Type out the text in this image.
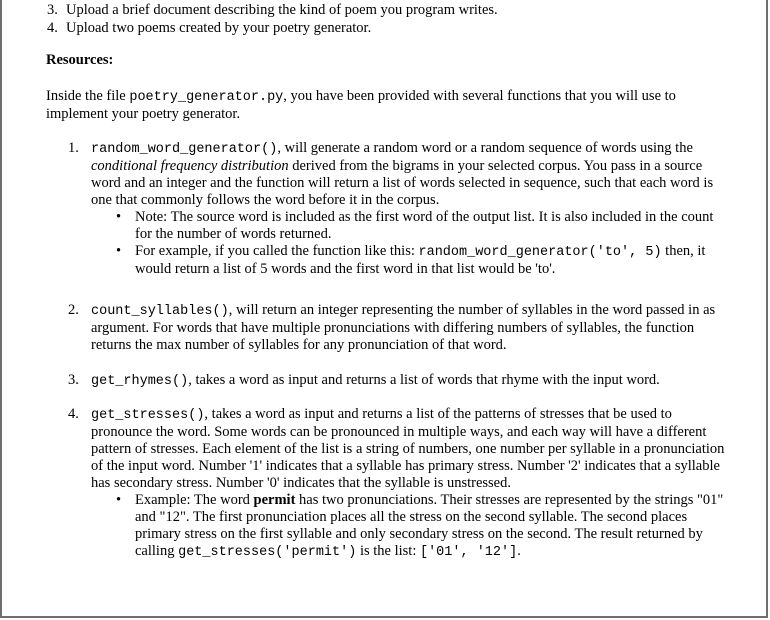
3. Upload a brief document describing the kind of poem you program writes.
4. Upload two poems created by your poetry generator.
Resources:
Inside the file poetry_generator.py, you have been provided with several functions that you will use to implement your poetry generator.
1. random_word_generator(), will generate a random word or a random sequence of words using the conditional frequency distribution derived from the bigrams in your selected corpus. You pass in a source word and an integer and the function will return a list of words selected in sequence, such that each word is one that commonly follows the word before it in the corpus.
• Note: The source word is included as the first word of the output list. It is also included in the count for the number of words returned.
• For example, if you called the function like this: random_word_generator('to', 5) then, it would return a list of 5 words and the first word in that list would be 'to'.
2. count_syllables(), will return an integer representing the number of syllables in the word passed in as argument. For words that have multiple pronunciations with differing numbers of syllables, the function returns the max number of syllables for any pronunciation of that word.
3. get_rhymes(), takes a word as input and returns a list of words that rhyme with the input word.
4. get_stresses(), takes a word as input and returns a list of the patterns of stresses that be used to pronounce the word. Some words can be pronounced in multiple ways, and each way will have a different pattern of stresses. Each element of the list is a string of numbers, one number per syllable in a pronunciation of the input word. Number '1' indicates that a syllable has primary stress. Number '2' indicates that a syllable has secondary stress. Number '0' indicates that the syllable is unstressed.
• Example: The word permit has two pronunciations. Their stresses are represented by the strings "01" and "12". The first pronunciation places all the stress on the second syllable. The second places primary stress on the first syllable and only secondary stress on the second. The result returned by calling get_stresses('permit') is the list: ['01', '12'].
